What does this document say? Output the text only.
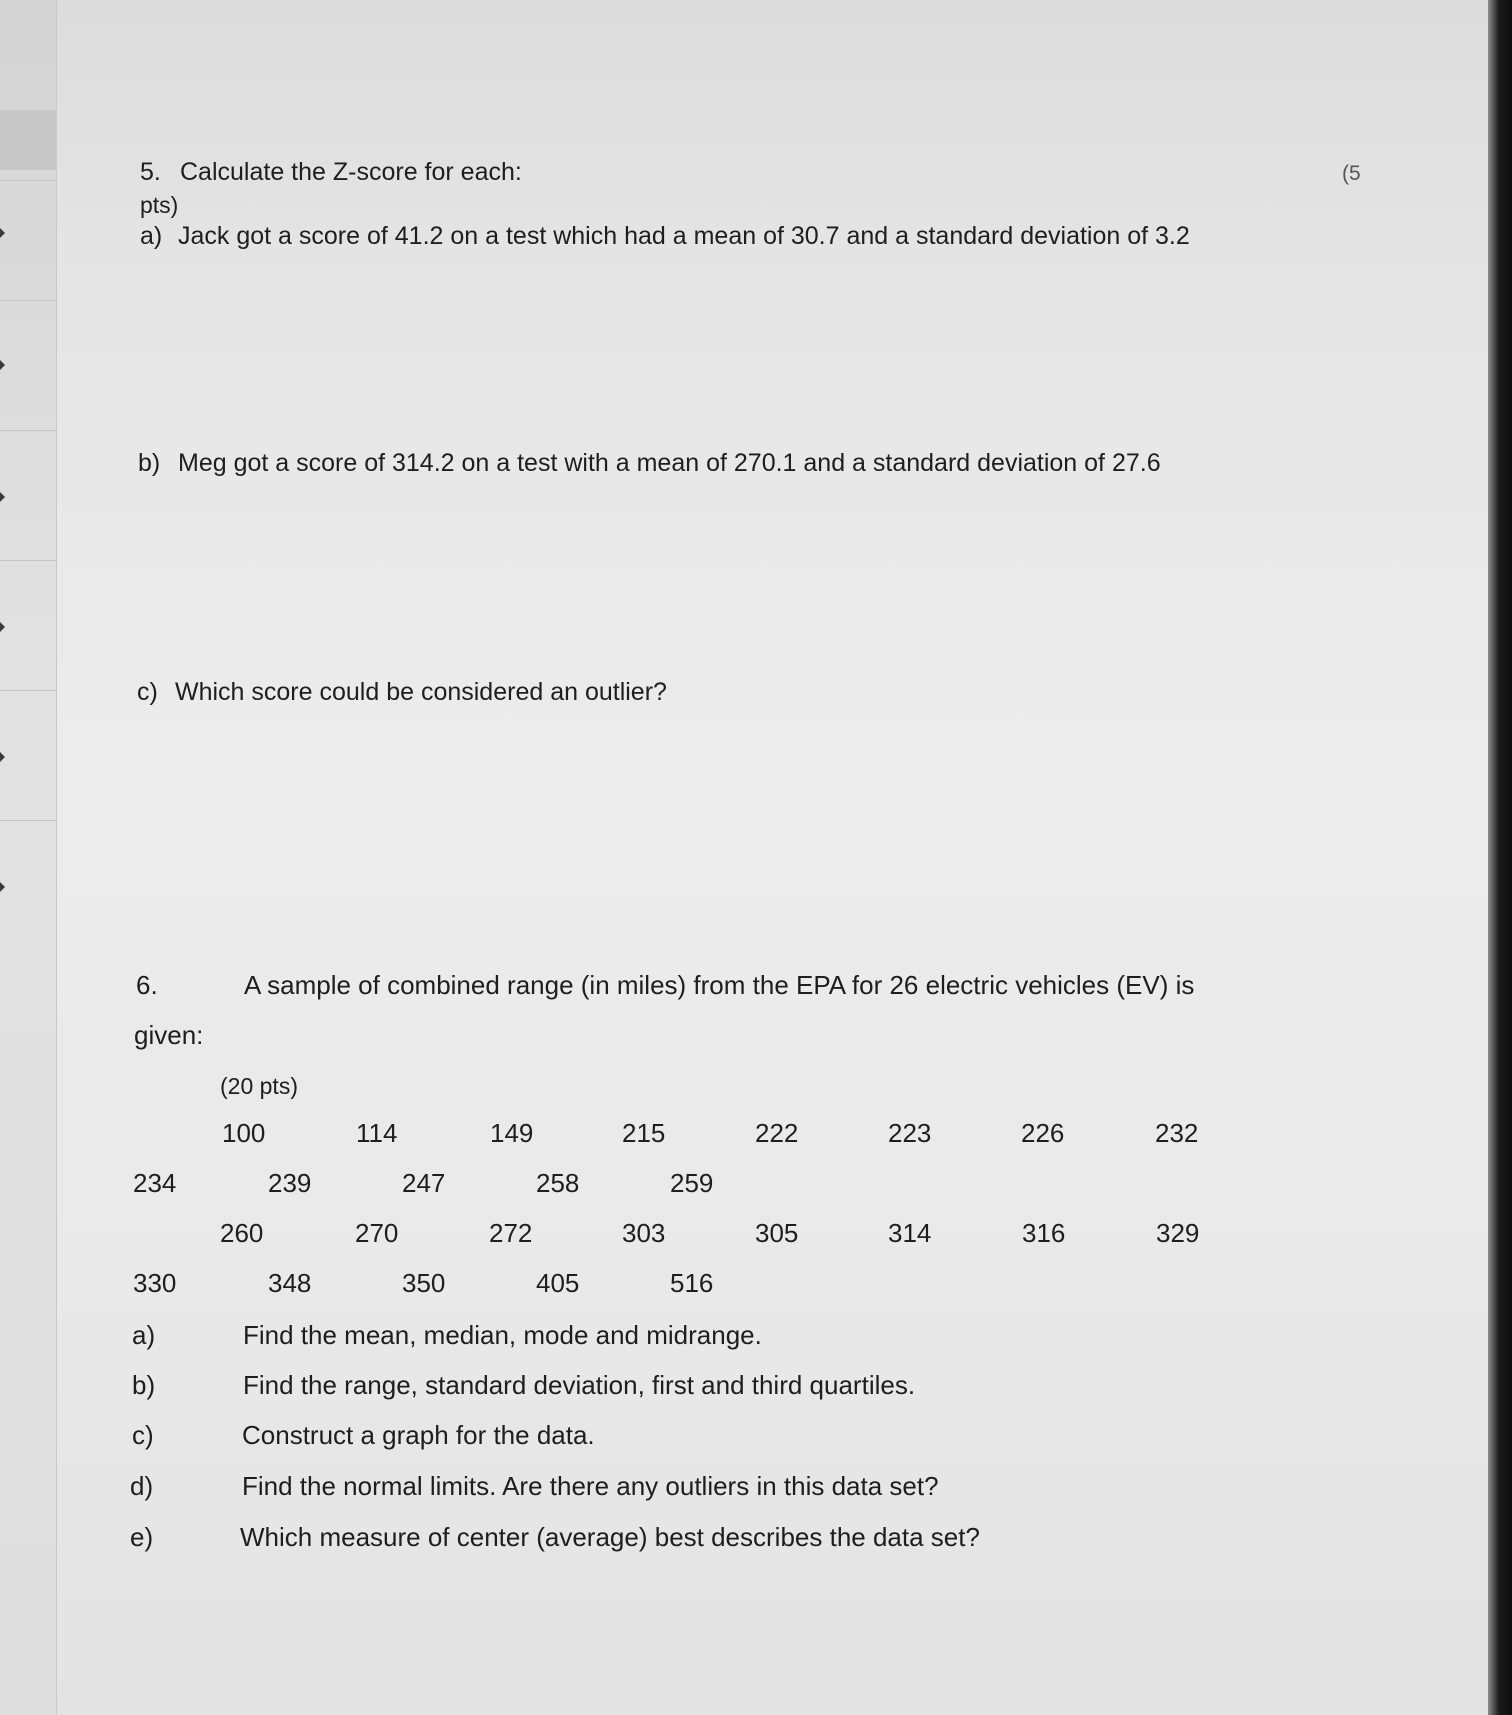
5. Calculate the Z-score for each:	(5
pts)
a) Jack got a score of 41.2 on a test which had a mean of 30.7 and a standard deviation of 3.2
b) Meg got a score of 314.2 on a test with a mean of 270.1 and a standard deviation of 27.6
c) Which score could be considered an outlier?
6.	A sample of combined range (in miles) from the EPA for 26 electric vehicles (EV) is
given:
(20 pts)
100	114	149	215	222	223	226	232
234	239	247	258	259
260	270	272	303	305	314	316	329
330	348	350	405	516
a)	Find the mean, median, mode and midrange.
b)	Find the range, standard deviation, first and third quartiles.
c)	Construct a graph for the data.
d)	Find the normal limits. Are there any outliers in this data set?
e)	Which measure of center (average) best describes the data set?
